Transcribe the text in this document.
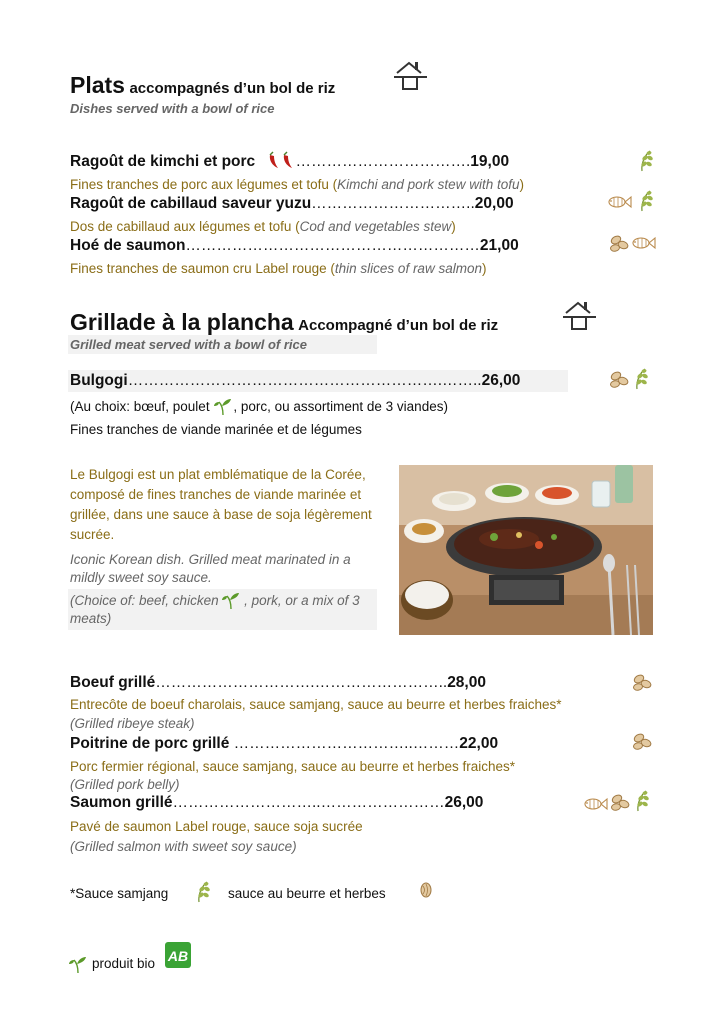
Plats accompagnés d’un bol de riz
Dishes served with a bowl of rice
Ragoût de kimchi et porc	…………………………….19,00
Fines tranches de porc aux légumes et tofu (Kimchi and pork stew with tofu)
Ragoût de cabillaud saveur yuzu…………………………..20,00
Dos de cabillaud aux légumes et tofu (Cod and vegetables stew)
Hoé de saumon…………………………………………………21,00
Fines tranches de saumon cru Label rouge (thin slices of raw salmon)
Grillade à la plancha Accompagné d’un bol de riz
Grilled meat served with a bowl of rice
Bulgogi…………………………………………………….……..26,00
(Au choix: bœuf, poulet , porc, ou assortiment de 3 viandes)
Fines tranches de viande marinée et de légumes
Le Bulgogi est un plat emblématique de la Corée, composé de fines tranches de viande marinée et grillée, dans une sauce à base de soja légèrement sucrée.
Iconic Korean dish. Grilled meat marinated in a mildly sweet soy sauce.
(Choice of: beef, chicken , pork, or a mix of 3 meats)
Boeuf grillé………………………….……………………..28,00
Entrecôte de boeuf charolais, sauce samjang, sauce au beurre et herbes fraiches*
(Grilled ribeye steak)
Poitrine de porc grillé ……………………………..………22,00
Porc fermier régional, sauce samjang, sauce au beurre et herbes fraiches*
(Grilled pork belly)
Saumon grillé………………………..……………………26,00
Pavé de saumon Label rouge, sauce soja sucrée
(Grilled salmon with sweet soy sauce)
*Sauce samjang	sauce au beurre et herbes
produit bio AB
